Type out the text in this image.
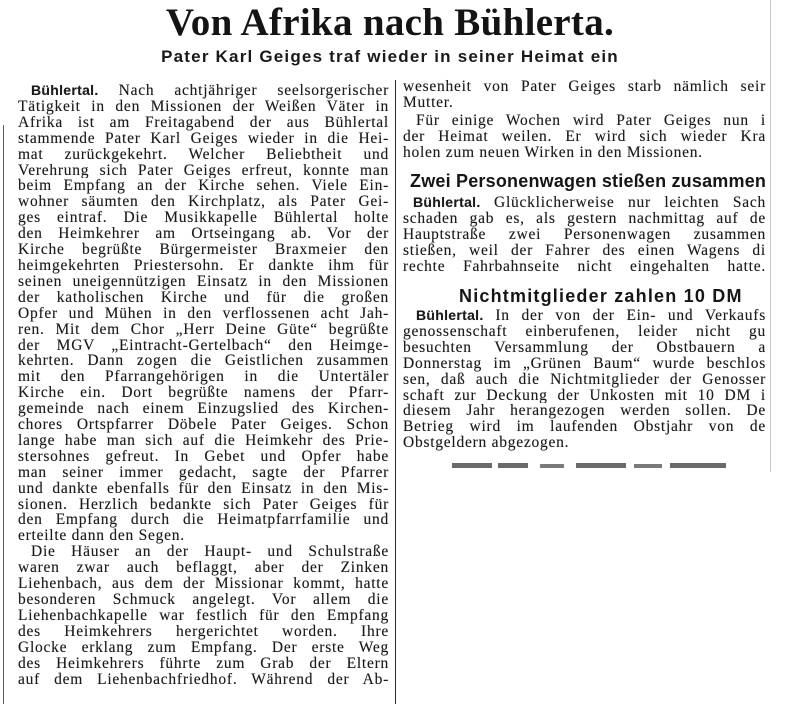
Von Afrika nach Bühlerta.
Pater Karl Geiges traf wieder in seiner Heimat ein
Bühlertal. Nach achtjähriger seelsorgerischer
Tätigkeit in den Missionen der Weißen Väter in
Afrika ist am Freitagabend der aus Bühlertal
stammende Pater Karl Geiges wieder in die Hei-
mat zurückgekehrt. Welcher Beliebtheit und
Verehrung sich Pater Geiges erfreut, konnte man
beim Empfang an der Kirche sehen. Viele Ein-
wohner säumten den Kirchplatz, als Pater Gei-
ges eintraf. Die Musikkapelle Bühlertal holte
den Heimkehrer am Ortseingang ab. Vor der
Kirche begrüßte Bürgermeister Braxmeier den
heimgekehrten Priestersohn. Er dankte ihm für
seinen uneigennützigen Einsatz in den Missionen
der katholischen Kirche und für die großen
Opfer und Mühen in den verflossenen acht Jah-
ren. Mit dem Chor „Herr Deine Güte“ begrüßte
der MGV „Eintracht-Gertelbach“ den Heimge-
kehrten. Dann zogen die Geistlichen zusammen
mit den Pfarrangehörigen in die Untertäler
Kirche ein. Dort begrüßte namens der Pfarr-
gemeinde nach einem Einzugslied des Kirchen-
chores Ortspfarrer Döbele Pater Geiges. Schon
lange habe man sich auf die Heimkehr des Prie-
stersohnes gefreut. In Gebet und Opfer habe
man seiner immer gedacht, sagte der Pfarrer
und dankte ebenfalls für den Einsatz in den Mis-
sionen. Herzlich bedankte sich Pater Geiges für
den Empfang durch die Heimatpfarrfamilie und
erteilte dann den Segen.
Die Häuser an der Haupt- und Schulstraße
waren zwar auch beflaggt, aber der Zinken
Liehenbach, aus dem der Missionar kommt, hatte
besonderen Schmuck angelegt. Vor allem die
Liehenbachkapelle war festlich für den Empfang
des Heimkehrers hergerichtet worden. Ihre
Glocke erklang zum Empfang. Der erste Weg
des Heimkehrers führte zum Grab der Eltern
auf dem Liehenbachfriedhof. Während der Ab-
wesenheit von Pater Geiges starb nämlich seir
Mutter.
Für einige Wochen wird Pater Geiges nun i
der Heimat weilen. Er wird sich wieder Kra
holen zum neuen Wirken in den Missionen.
Zwei Personenwagen stießen zusammen
Bühlertal. Glücklicherweise nur leichten Sach
schaden gab es, als gestern nachmittag auf de
Hauptstraße zwei Personenwagen zusammen
stießen, weil der Fahrer des einen Wagens di
rechte Fahrbahnseite nicht eingehalten hatte.
Nichtmitglieder zahlen 10 DM
Bühlertal. In der von der Ein- und Verkaufs
genossenschaft einberufenen, leider nicht gu
besuchten Versammlung der Obstbauern a
Donnerstag im „Grünen Baum“ wurde beschlos
sen, daß auch die Nichtmitglieder der Genosser
schaft zur Deckung der Unkosten mit 10 DM i
diesem Jahr herangezogen werden sollen. De
Betrieg wird im laufenden Obstjahr von de
Obstgeldern abgezogen.
